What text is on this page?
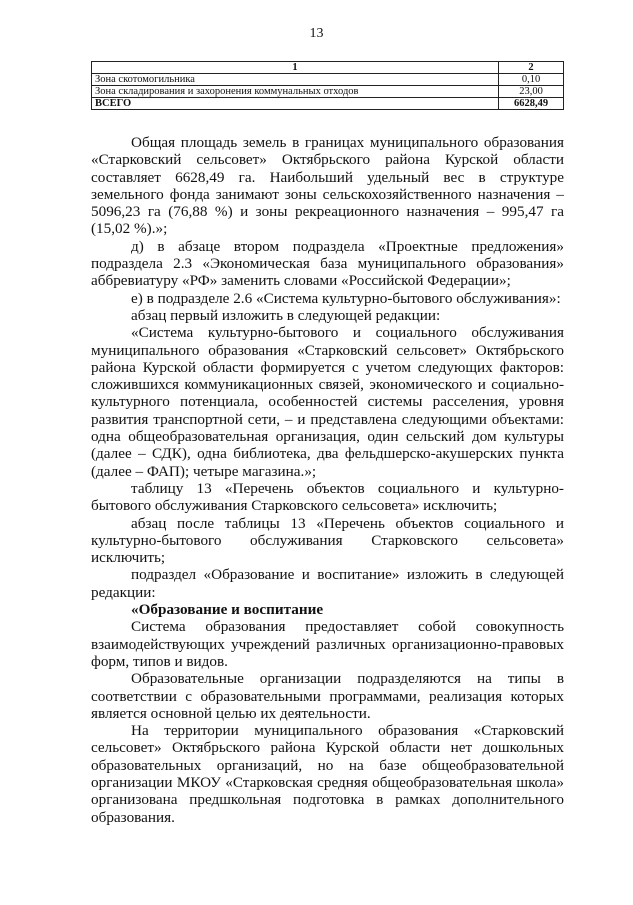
13
1	2
Зона скотомогильника	0,10
Зона складирования и захоронения коммунальных отходов	23,00
ВСЕГО	6628,49

Общая площадь земель в границах муниципального образования «Старковский сельсовет» Октябрьского района Курской области составляет 6628,49 га. Наибольший удельный вес в структуре земельного фонда занимают зоны сельскохозяйственного назначения – 5096,23 га (76,88 %) и зоны рекреационного назначения – 995,47 га (15,02 %).»;

д) в абзаце втором подраздела «Проектные предложения» подраздела 2.3 «Экономическая база муниципального образования» аббревиатуру «РФ» заменить словами «Российской Федерации»;

е) в подразделе 2.6 «Система культурно-бытового обслуживания»:

абзац первый изложить в следующей редакции:

«Система культурно-бытового и социального обслуживания муниципального образования «Старковский сельсовет» Октябрьского района Курской области формируется с учетом следующих факторов: сложившихся коммуникационных связей, экономического и социально-культурного потенциала, особенностей системы расселения, уровня развития транспортной сети, – и представлена следующими объектами: одна общеобразовательная организация, один сельский дом культуры (далее – СДК), одна библиотека, два фельдшерско-акушерских пункта (далее – ФАП); четыре магазина.»;

таблицу 13 «Перечень объектов социального и культурно-бытового обслуживания Старковского сельсовета» исключить;

абзац после таблицы 13 «Перечень объектов социального и культурно-бытового обслуживания Старковского сельсовета» исключить;

подраздел «Образование и воспитание» изложить в следующей редакции:

«Образование и воспитание

Система образования предоставляет собой совокупность взаимодействующих учреждений различных организационно-правовых форм, типов и видов.

Образовательные организации подразделяются на типы в соответствии с образовательными программами, реализация которых является основной целью их деятельности.

На территории муниципального образования «Старковский сельсовет» Октябрьского района Курской области нет дошкольных образовательных организаций, но на базе общеобразовательной организации МКОУ «Старковская средняя общеобразовательная школа» организована предшкольная подготовка в рамках дополнительного образования.
